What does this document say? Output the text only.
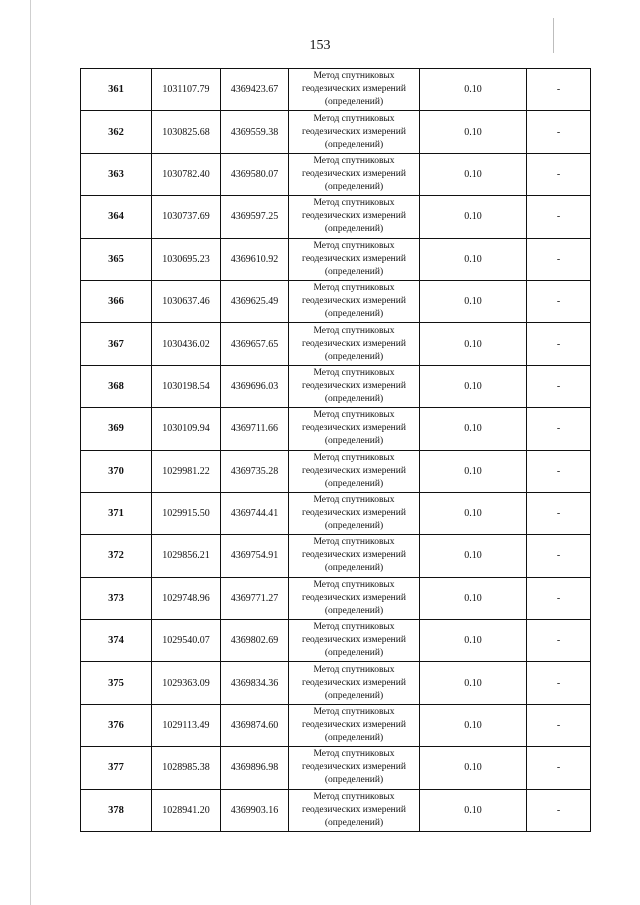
153
361	1031107.79	4369423.67	Метод спутниковых
геодезических измерений
(определений)	0.10	-
362	1030825.68	4369559.38	Метод спутниковых
геодезических измерений
(определений)	0.10	-
363	1030782.40	4369580.07	Метод спутниковых
геодезических измерений
(определений)	0.10	-
364	1030737.69	4369597.25	Метод спутниковых
геодезических измерений
(определений)	0.10	-
365	1030695.23	4369610.92	Метод спутниковых
геодезических измерений
(определений)	0.10	-
366	1030637.46	4369625.49	Метод спутниковых
геодезических измерений
(определений)	0.10	-
367	1030436.02	4369657.65	Метод спутниковых
геодезических измерений
(определений)	0.10	-
368	1030198.54	4369696.03	Метод спутниковых
геодезических измерений
(определений)	0.10	-
369	1030109.94	4369711.66	Метод спутниковых
геодезических измерений
(определений)	0.10	-
370	1029981.22	4369735.28	Метод спутниковых
геодезических измерений
(определений)	0.10	-
371	1029915.50	4369744.41	Метод спутниковых
геодезических измерений
(определений)	0.10	-
372	1029856.21	4369754.91	Метод спутниковых
геодезических измерений
(определений)	0.10	-
373	1029748.96	4369771.27	Метод спутниковых
геодезических измерений
(определений)	0.10	-
374	1029540.07	4369802.69	Метод спутниковых
геодезических измерений
(определений)	0.10	-
375	1029363.09	4369834.36	Метод спутниковых
геодезических измерений
(определений)	0.10	-
376	1029113.49	4369874.60	Метод спутниковых
геодезических измерений
(определений)	0.10	-
377	1028985.38	4369896.98	Метод спутниковых
геодезических измерений
(определений)	0.10	-
378	1028941.20	4369903.16	Метод спутниковых
геодезических измерений
(определений)	0.10	-
